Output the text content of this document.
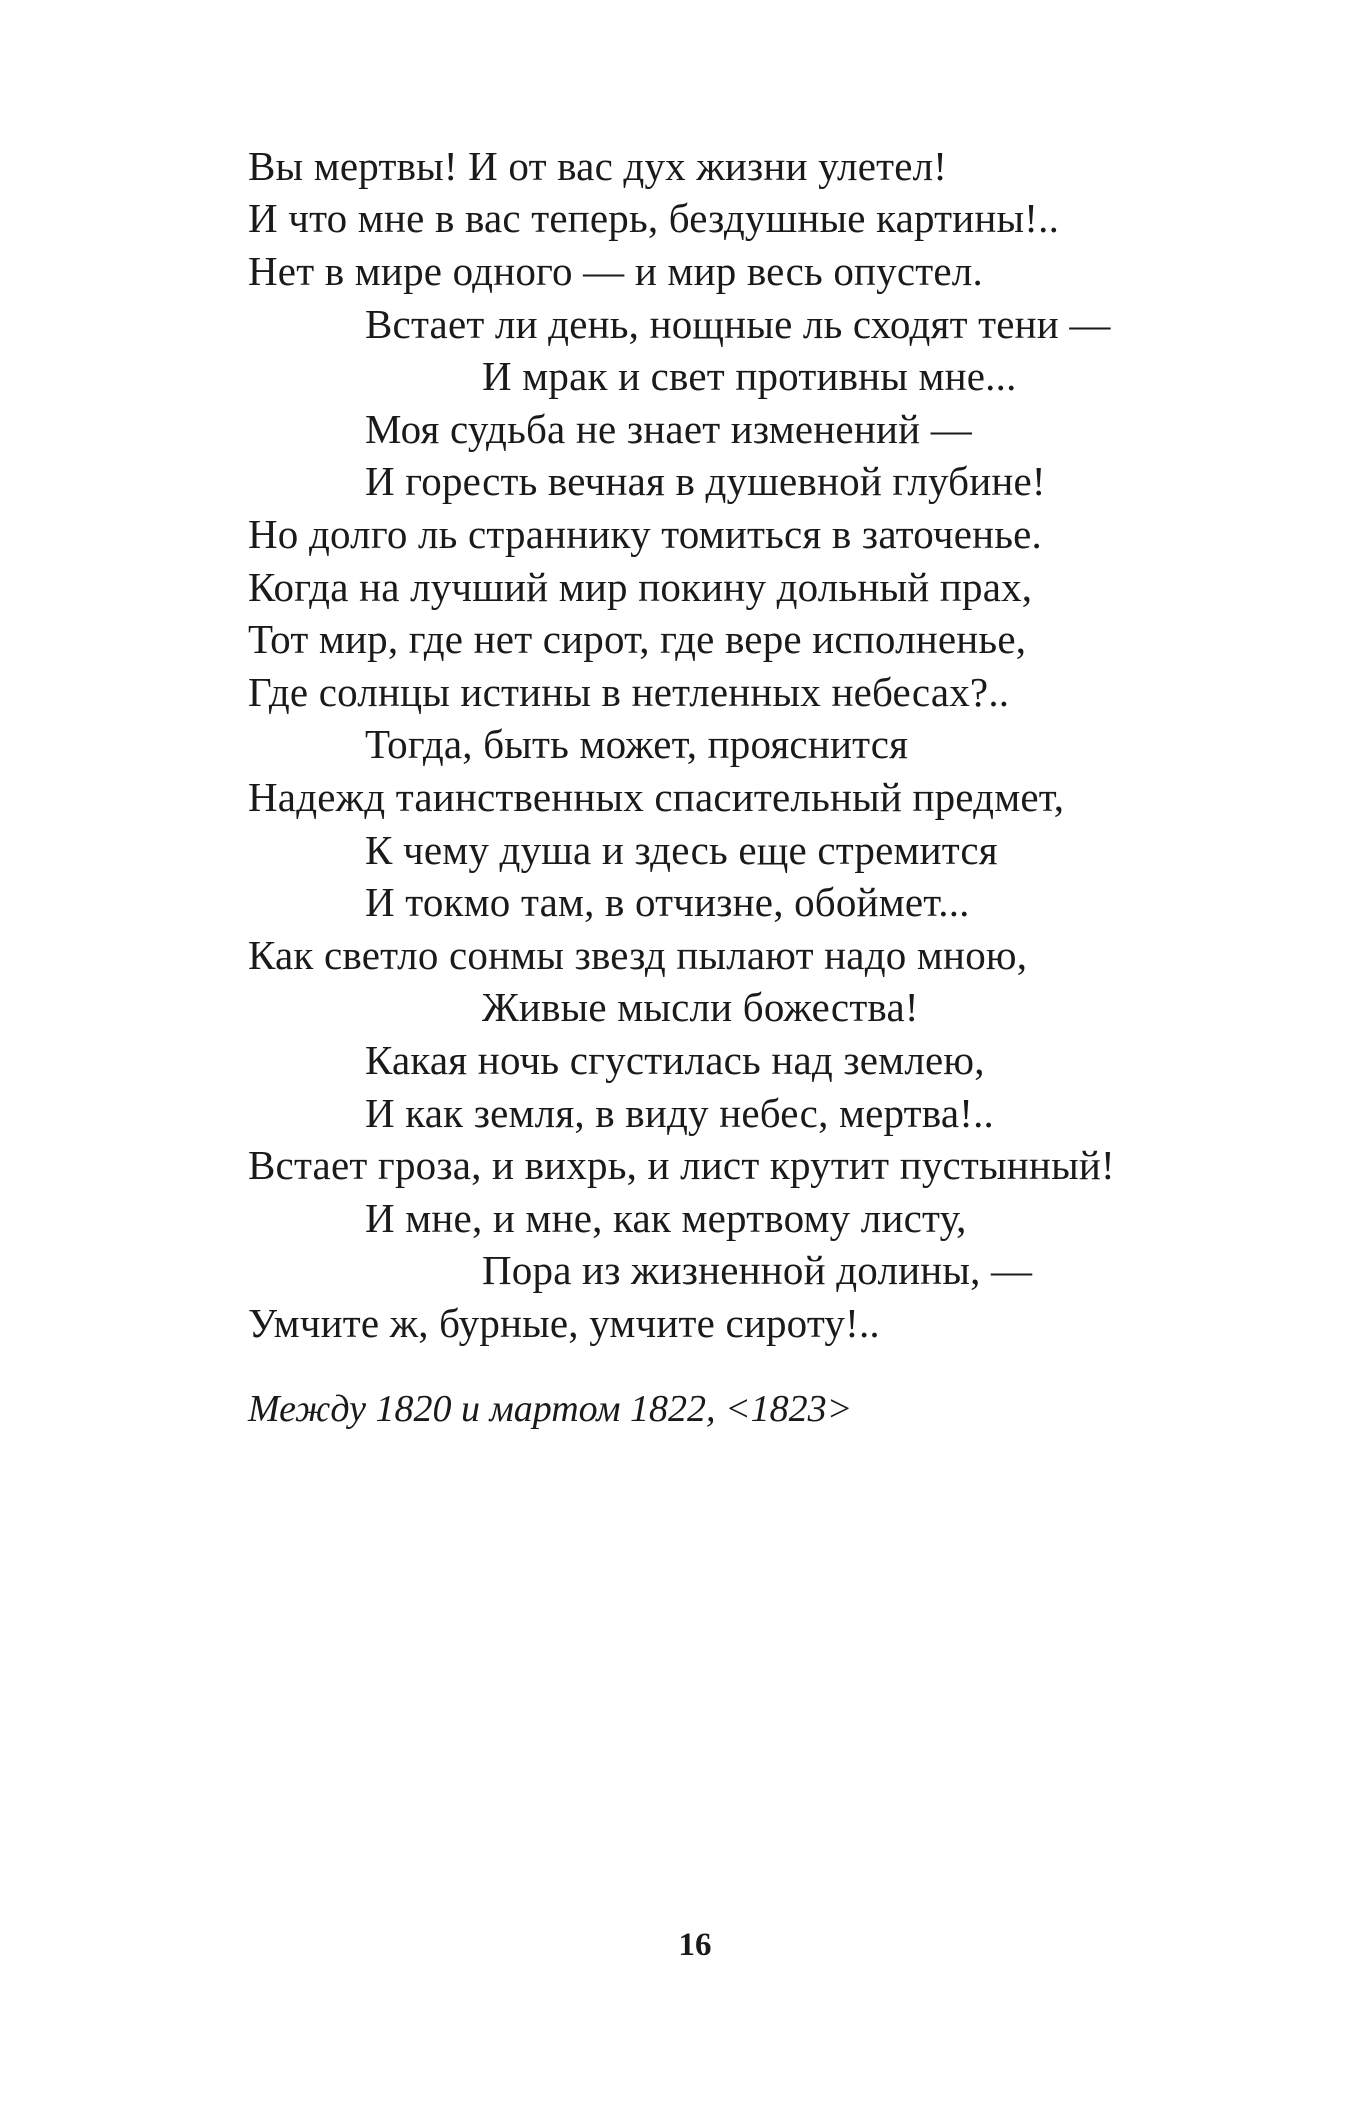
Вы мертвы! И от вас дух жизни улетел!
И что мне в вас теперь, бездушные картины!..
Нет в мире одного — и мир весь опустел.
Встает ли день, нощные ль сходят тени —
И мрак и свет противны мне...
Моя судьба не знает изменений —
И горесть вечная в душевной глубине!
Но долго ль страннику томиться в заточенье.
Когда на лучший мир покину дольный прах,
Тот мир, где нет сирот, где вере исполненье,
Где солнцы истины в нетленных небесах?..
Тогда, быть может, прояснится
Надежд таинственных спасительный предмет,
К чему душа и здесь еще стремится
И токмо там, в отчизне, обоймет...
Как светло сонмы звезд пылают надо мною,
Живые мысли божества!
Какая ночь сгустилась над землею,
И как земля, в виду небес, мертва!..
Встает гроза, и вихрь, и лист крутит пустынный!
И мне, и мне, как мертвому листу,
Пора из жизненной долины, —
Умчите ж, бурные, умчите сироту!..
Между 1820 и мартом 1822, <1823>
16
